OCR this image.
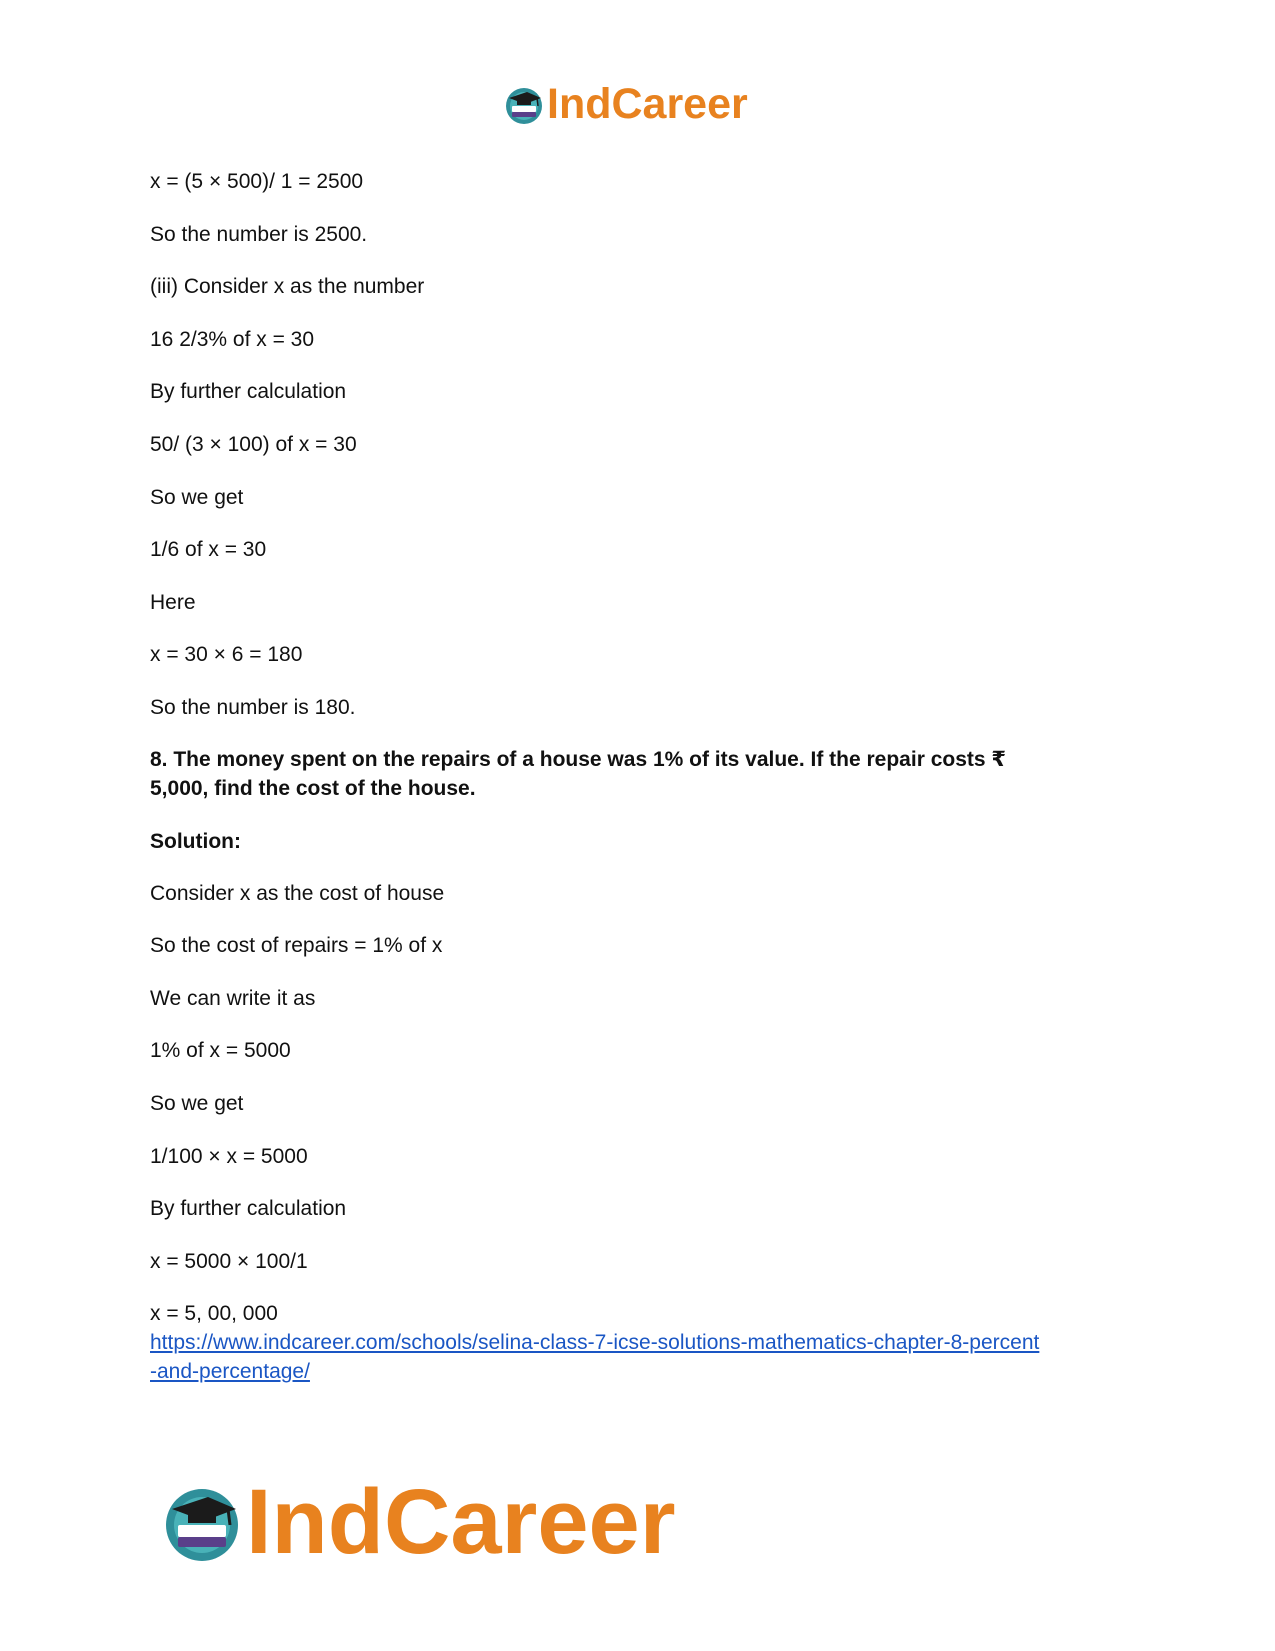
IndCareer
x = (5 × 500)/ 1 = 2500
So the number is 2500.
(iii) Consider x as the number
16 2/3% of x = 30
By further calculation
50/ (3 × 100) of x = 30
So we get
1/6 of x = 30
Here
x = 30 × 6 = 180
So the number is 180.
8. The money spent on the repairs of a house was 1% of its value. If the repair costs ₹
5,000, find the cost of the house.
Solution:
Consider x as the cost of house
So the cost of repairs = 1% of x
We can write it as
1% of x = 5000
So we get
1/100 × x = 5000
By further calculation
x = 5000 × 100/1
x = 5, 00, 000
https://www.indcareer.com/schools/selina-class-7-icse-solutions-mathematics-chapter-8-percent
-and-percentage/
IndCareer
